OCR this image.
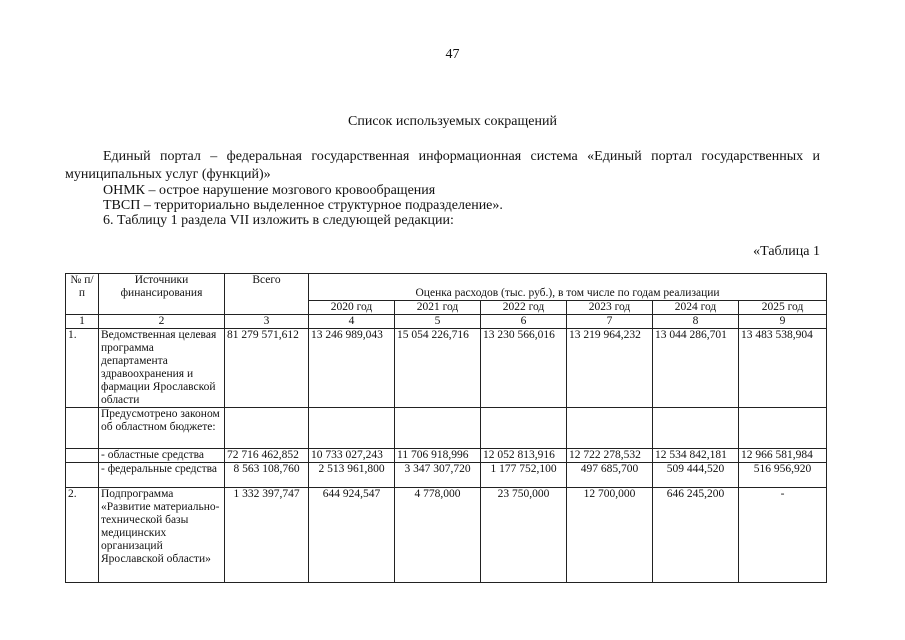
47
Список используемых сокращений
Единый портал – федеральная государственная информационная система «Единый портал государственных и муниципальных услуг (функций)»
ОНМК – острое нарушение мозгового кровообращения
ТВСП – территориально выделенное структурное подразделение».
6. Таблицу 1 раздела VII изложить в следующей редакции:
«Таблица 1
№ п/п	Источники финансирования	Всего	Оценка расходов (тыс. руб.), в том числе по годам реализации					
			2020 год	2021 год	2022 год	2023 год	2024 год	2025 год
1	2	3	4	5	6	7	8	9
1.	Ведомственная целевая программа департамента здравоохранения и фармации Ярославской области	81 279 571,612	13 246 989,043	15 054 226,716	13 230 566,016	13 219 964,232	13 044 286,701	13 483 538,904
	Предусмотрено законом об областном бюджете:							
	- областные средства	72 716 462,852	10 733 027,243	11 706 918,996	12 052 813,916	12 722 278,532	12 534 842,181	12 966 581,984
	- федеральные средства	8 563 108,760	2 513 961,800	3 347 307,720	1 177 752,100	497 685,700	509 444,520	516 956,920
2.	Подпрограмма «Развитие материально-технической базы медицинских организаций Ярославской области»	1 332 397,747	644 924,547	4 778,000	23 750,000	12 700,000	646 245,200	-
